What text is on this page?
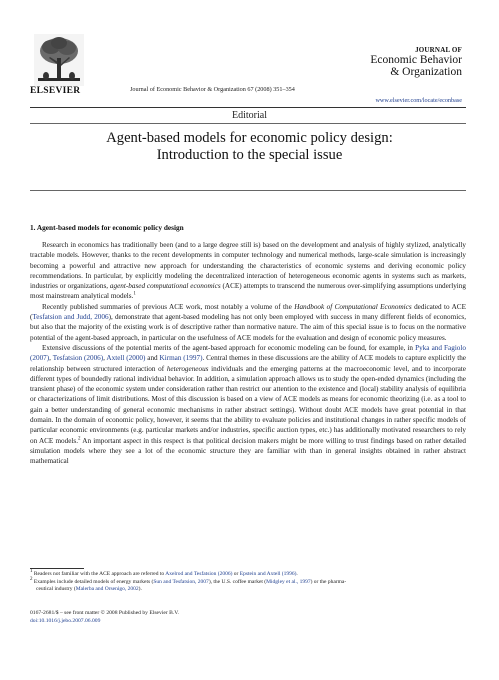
ELSEVIER	Journal of Economic Behavior & Organization 67 (2008) 351–354
JOURNAL OF
Economic Behavior
& Organization
www.elsevier.com/locate/econbase
Editorial
Agent-based models for economic policy design:
Introduction to the special issue
1. Agent-based models for economic policy design

Research in economics has traditionally been (and to a large degree still is) based on the development and analysis of highly stylized, analytically tractable models. However, thanks to the recent developments in computer technology and numerical methods, large-scale simulation is increasingly becoming a powerful and attractive new approach for understanding the characteristics of economic systems and deriving economic policy recommendations. In particular, by explicitly modeling the decentralized interaction of heterogeneous economic agents in systems such as markets, industries or organizations, agent-based computational economics (ACE) attempts to transcend the numerous over-simplifying assumptions underlying most mainstream analytical models.$^1$

Recently published summaries of previous ACE work, most notably a volume of the Handbook of Computational Economics dedicated to ACE (Tesfatsion and Judd, 2006), demonstrate that agent-based modeling has not only been employed with success in many different fields of economics, but also that the majority of the existing work is of descriptive rather than normative nature. The aim of this special issue is to focus on the normative potential of the agent-based approach, in particular on the usefulness of ACE models for the evaluation and design of economic policy measures.

Extensive discussions of the potential merits of the agent-based approach for economic modeling can be found, for example, in Pyka and Fagiolo (2007), Tesfatsion (2006), Axtell (2000) and Kirman (1997). Central themes in these discussions are the ability of ACE models to capture explicitly the relationship between structured interaction of heterogeneous individuals and the emerging patterns at the macroeconomic level, and to incorporate different types of boundedly rational individual behavior. In addition, a simulation approach allows us to study the open-ended dynamics (including the transient phase) of the economic system under consideration rather than restrict our attention to the existence and (local) stability analysis of equilibria or characterizations of limit distributions. Most of this discussion is based on a view of ACE models as means for economic theorizing (i.e. as a tool to gain a better understanding of general economic mechanisms in rather abstract settings). Without doubt ACE models have great potential in that domain. In the domain of economic policy, however, it seems that the ability to evaluate policies and institutional changes in rather specific models of particular economic environments (e.g. particular markets and/or industries, specific auction types, etc.) has additionally motivated researchers to rely on ACE models.$^2$ An important aspect in this respect is that political decision makers might be more willing to trust findings based on rather detailed simulation models where they see a lot of the economic structure they are familiar with than in general insights obtained in rather abstract mathematical

$^1$ Readers not familiar with the ACE approach are referred to Axelrod and Tesfatsion (2006) or Epstein and Axtell (1996).

$^2$ Examples include detailed models of energy markets (Sun and Tesfatsion, 2007), the U.S. coffee market (Midgley et al., 1997) or the pharma-

ceutical industry (Malerba and Orsenigo, 2002).

0167-2681/$ – see front matter © 2008 Published by Elsevier B.V.
doi:10.1016/j.jebo.2007.06.009
